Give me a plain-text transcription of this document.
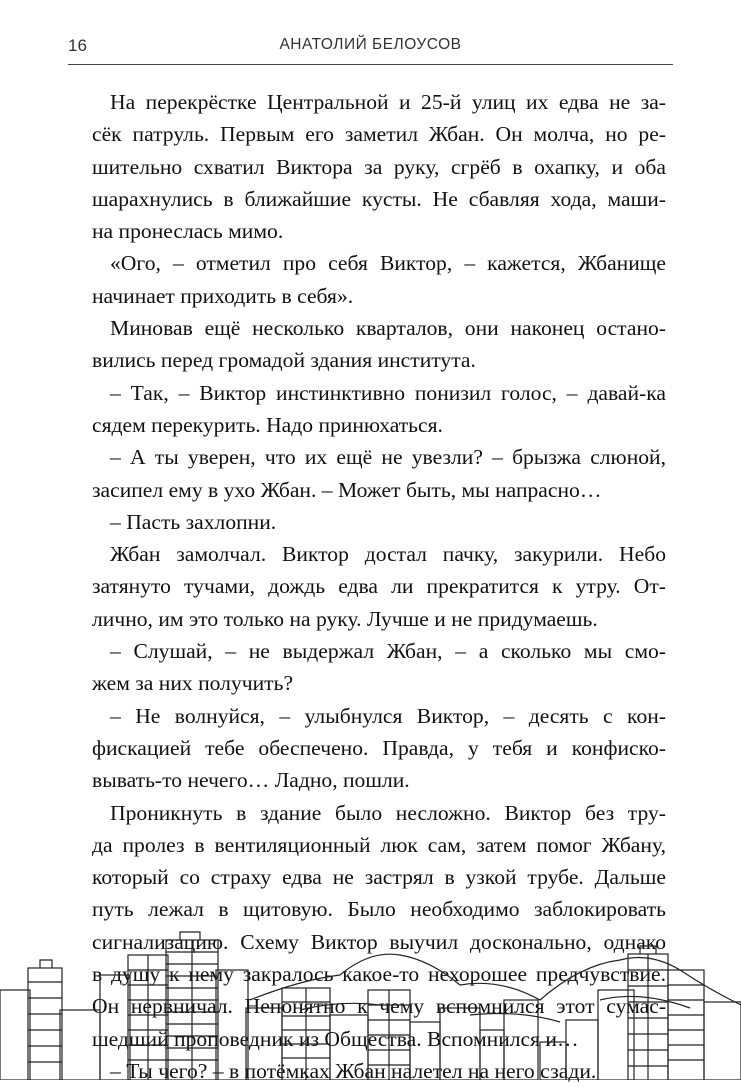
16	АНАТОЛИЙ БЕЛОУСОВ
На перекрёстке Центральной и 25-й улиц их едва не за-
сёк патруль. Первым его заметил Жбан. Он молча, но ре-
шительно схватил Виктора за руку, сгрёб в охапку, и оба
шарахнулись в ближайшие кусты. Не сбавляя хода, маши-
на пронеслась мимо.
«Ого, – отметил про себя Виктор, – кажется, Жбанище
начинает приходить в себя».
Миновав ещё несколько кварталов, они наконец остано-
вились перед громадой здания института.
– Так, – Виктор инстинктивно понизил голос, – давай-ка
сядем перекурить. Надо принюхаться.
– А ты уверен, что их ещё не увезли? – брызжа слюной,
засипел ему в ухо Жбан. – Может быть, мы напрасно…
– Пасть захлопни.
Жбан замолчал. Виктор достал пачку, закурили. Небо
затянуто тучами, дождь едва ли прекратится к утру. От-
лично, им это только на руку. Лучше и не придумаешь.
– Слушай, – не выдержал Жбан, – а сколько мы смо-
жем за них получить?
– Не волнуйся, – улыбнулся Виктор, – десять с кон-
фискацией тебе обеспечено. Правда, у тебя и конфиско-
вывать-то нечего… Ладно, пошли.
Проникнуть в здание было несложно. Виктор без тру-
да пролез в вентиляционный люк сам, затем помог Жбану,
который со страху едва не застрял в узкой трубе. Дальше
путь лежал в щитовую. Было необходимо заблокировать
сигнализацию. Схему Виктор выучил досконально, однако
в душу к нему закралось какое-то нехорошее предчувствие.
Он нервничал. Непонятно к чему вспомнился этот сумас-
шедший проповедник из Общества. Вспомнился и…
– Ты чего? – в потёмках Жбан налетел на него сзади.
